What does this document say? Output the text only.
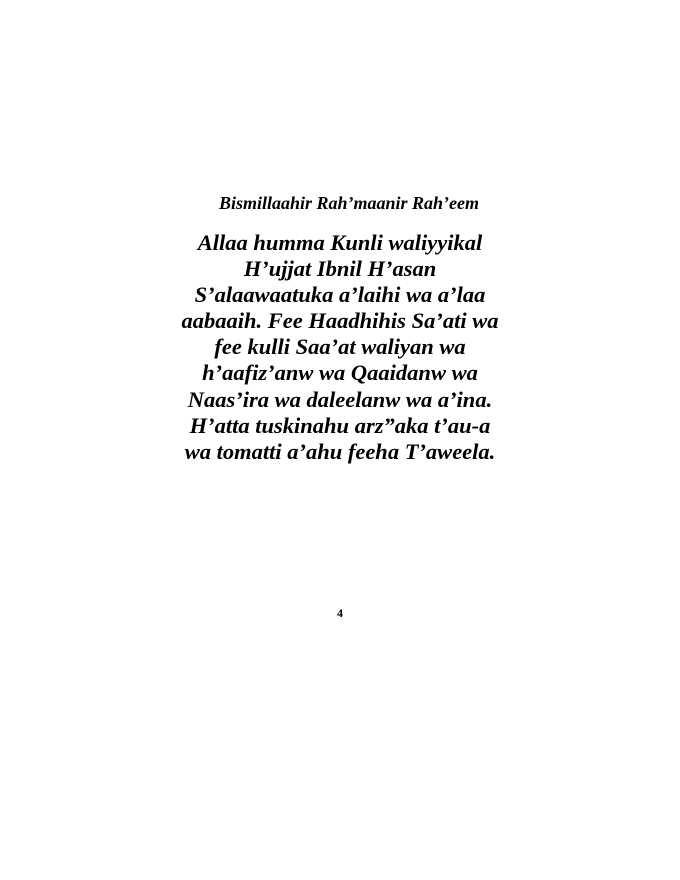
Bismillaahir Rah’maanir Rah’eem

Allaa humma Kunli waliyyikal
H’ujjat Ibnil H’asan
S’alaawaatuka a’laihi wa a’laa
aabaaih. Fee Haadhihis Sa’ati wa
fee kulli Saa’at waliyan wa
h’aafiz’anw wa Qaaidanw wa
Naas’ira wa daleelanw wa a’ina.
H’atta tuskinahu arz”aka t’au-a
wa tomatti a’ahu feeha T’aweela.

4
